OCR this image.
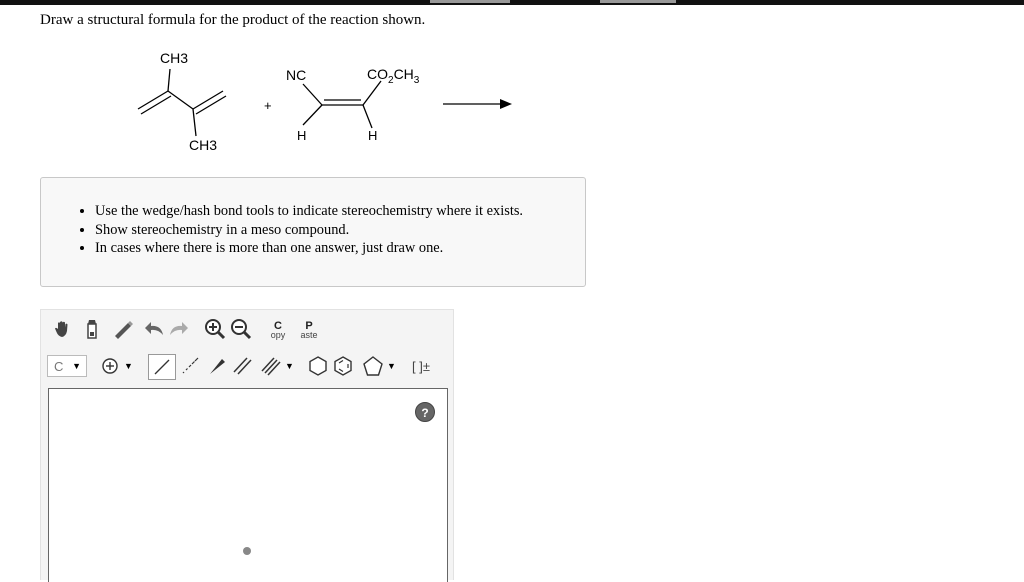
Draw a structural formula for the product of the reaction shown.
CH3
CH3
+
NC	$CO_2CH_3$
H	H
• Use the wedge/hash bond tools to indicate stereochemistry where it exists.
• Show stereochemistry in a meso compound.
• In cases where there is more than one answer, just draw one.
C
opy
P
aste
C ▼	▼	▼	▼	[ ]±
?
